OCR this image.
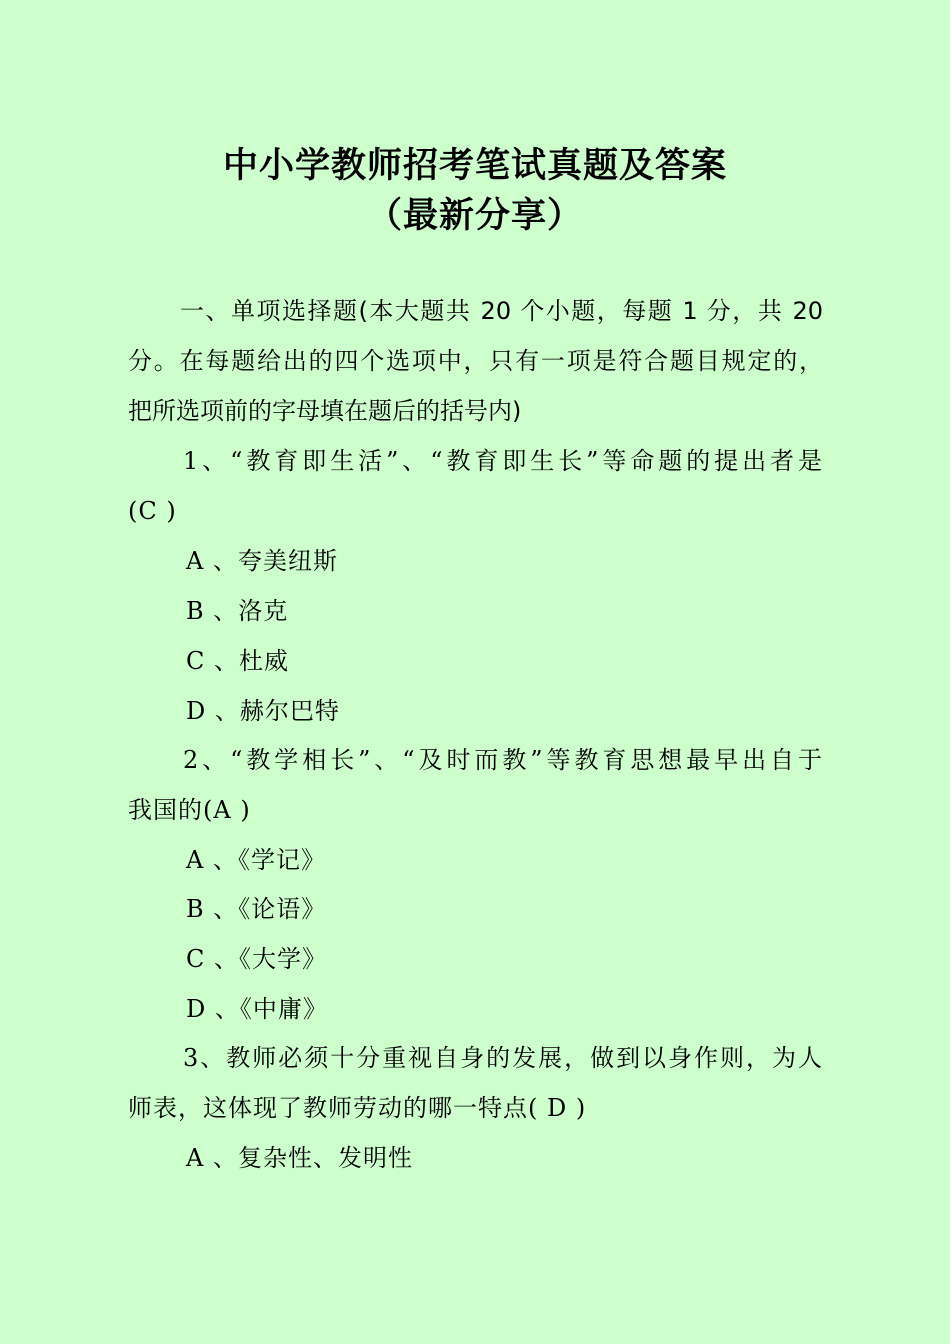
中小学教师招考笔试真题及答案
（最新分享）
一、单项选择题(本大题共 20 个小题，每题 1 分，共 20
分。在每题给出的四个选项中，只有一项是符合题目规定的，
把所选项前的字母填在题后的括号内)
1、“教育即生活”、“教育即生长”等命题的提出者是
(C )
A 、夸美纽斯
B 、洛克
C 、杜威
D 、赫尔巴特
2、“教学相长”、“及时而教”等教育思想最早出自于
我国的(A )
A 、《学记》
B 、《论语》
C 、《大学》
D 、《中庸》
3、教师必须十分重视自身的发展，做到以身作则，为人
师表，这体现了教师劳动的哪一特点( D )
A 、复杂性、发明性
